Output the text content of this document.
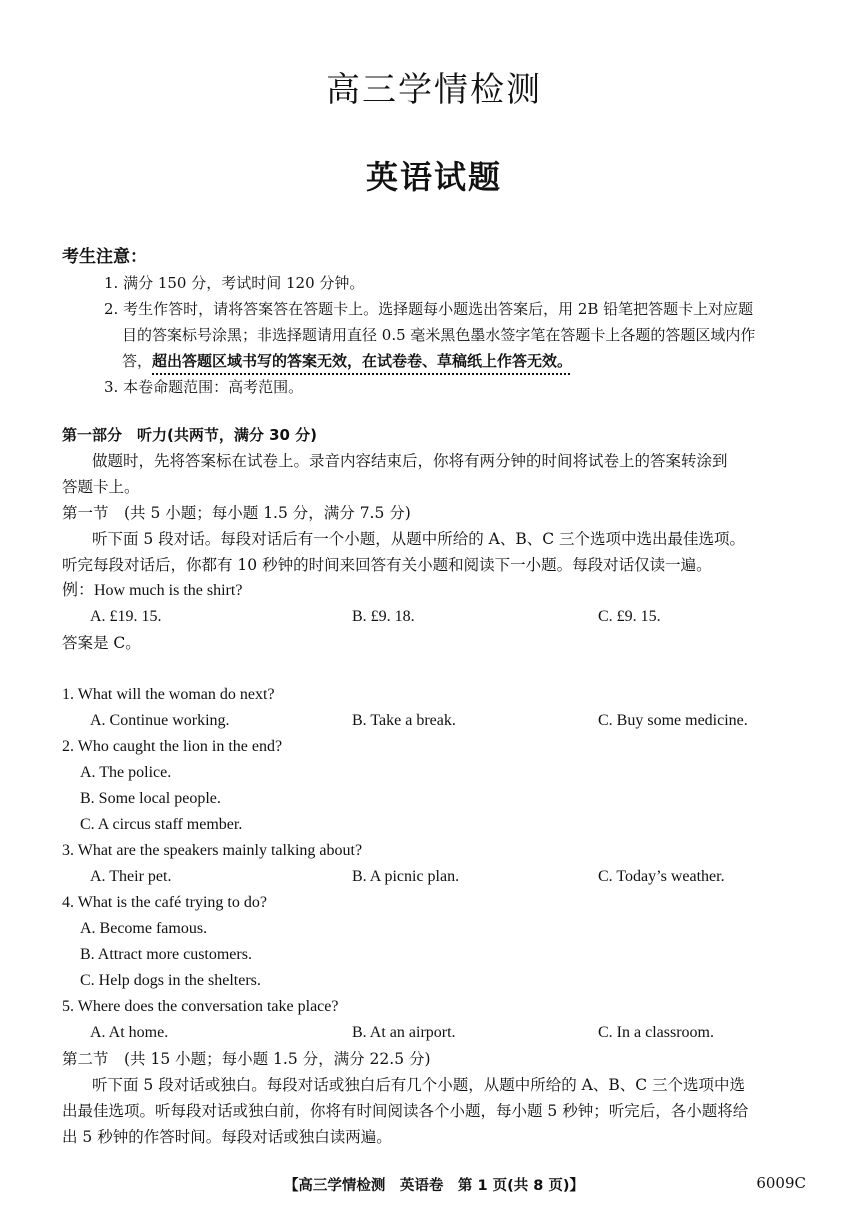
高三学情检测
英语试题
考生注意：
1. 满分 150 分，考试时间 120 分钟。
2. 考生作答时，请将答案答在答题卡上。选择题每小题选出答案后，用 2B 铅笔把答题卡上对应题
目的答案标号涂黑；非选择题请用直径 0.5 毫米黑色墨水签字笔在答题卡上各题的答题区域内作
答，超出答题区域书写的答案无效，在试卷卷、草稿纸上作答无效。
3. 本卷命题范围：高考范围。
第一部分　听力(共两节，满分 30 分)
做题时，先将答案标在试卷上。录音内容结束后，你将有两分钟的时间将试卷上的答案转涂到
答题卡上。
第一节　(共 5 小题；每小题 1.5 分，满分 7.5 分)
听下面 5 段对话。每段对话后有一个小题，从题中所给的 A、B、C 三个选项中选出最佳选项。
听完每段对话后，你都有 10 秒钟的时间来回答有关小题和阅读下一小题。每段对话仅读一遍。
例：How much is the shirt?
A. £19. 15.	B. £9. 18.	C. £9. 15.
答案是 C。
1. What will the woman do next?
A. Continue working.	B. Take a break.	C. Buy some medicine.
2. Who caught the lion in the end?
A. The police.
B. Some local people.
C. A circus staff member.
3. What are the speakers mainly talking about?
A. Their pet.	B. A picnic plan.	C. Today’s weather.
4. What is the café trying to do?
A. Become famous.
B. Attract more customers.
C. Help dogs in the shelters.
5. Where does the conversation take place?
A. At home.	B. At an airport.	C. In a classroom.
第二节　(共 15 小题；每小题 1.5 分，满分 22.5 分)
听下面 5 段对话或独白。每段对话或独白后有几个小题，从题中所给的 A、B、C 三个选项中选
出最佳选项。听每段对话或独白前，你将有时间阅读各个小题，每小题 5 秒钟；听完后，各小题将给
出 5 秒钟的作答时间。每段对话或独白读两遍。
【高三学情检测　英语卷　第 1 页(共 8 页)】	6009C
